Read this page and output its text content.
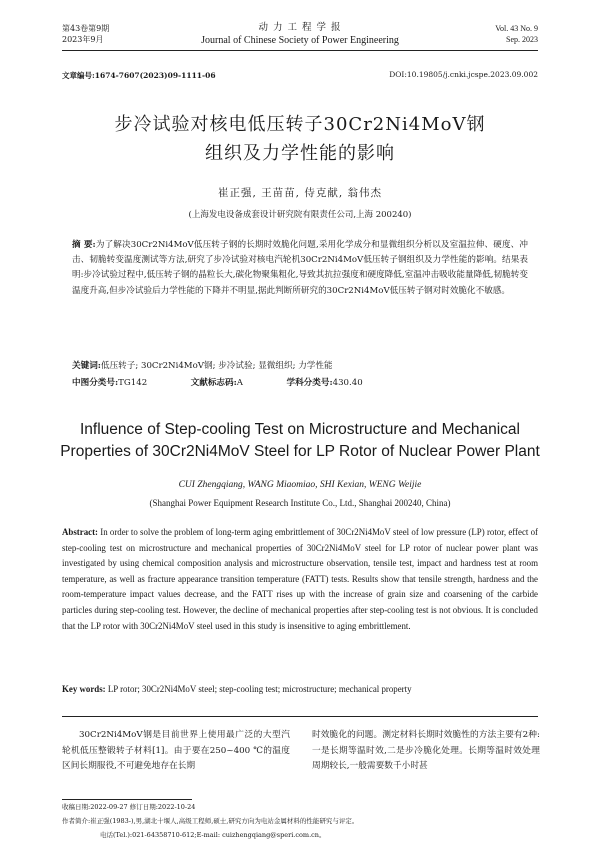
第43卷第9期
2023年9月
动 力 工 程 学 报
Journal of Chinese Society of Power Engineering
Vol. 43 No. 9
Sep. 2023
文章编号:1674-7607(2023)09-1111-06	DOI:10.19805/j.cnki.jcspe.2023.09.002
步冷试验对核电低压转子30Cr2Ni4MoV钢
组织及力学性能的影响
崔正强, 王苗苗, 侍克献, 翁伟杰
(上海发电设备成套设计研究院有限责任公司,上海 200240)
摘 要:为了解决30Cr2Ni4MoV低压转子钢的长期时效脆化问题,采用化学成分和显微组织分析以及室温拉伸、硬度、冲击、韧脆转变温度测试等方法,研究了步冷试验对核电汽轮机30Cr2Ni4MoV低压转子钢组织及力学性能的影响。结果表明:步冷试验过程中,低压转子钢的晶粒长大,碳化物聚集粗化,导致其抗拉强度和硬度降低,室温冲击吸收能量降低,韧脆转变温度升高,但步冷试验后力学性能的下降并不明显,据此判断所研究的30Cr2Ni4MoV低压转子钢对时效脆化不敏感。
关键词:低压转子; 30Cr2Ni4MoV钢; 步冷试验; 显微组织; 力学性能
中图分类号:TG142	文献标志码:A	学科分类号:430.40
Influence of Step-cooling Test on Microstructure and Mechanical
Properties of 30Cr2Ni4MoV Steel for LP Rotor of Nuclear Power Plant
CUI Zhengqiang, WANG Miaomiao, SHI Kexian, WENG Weijie
(Shanghai Power Equipment Research Institute Co., Ltd., Shanghai 200240, China)
Abstract: In order to solve the problem of long-term aging embrittlement of 30Cr2Ni4MoV steel of low pressure (LP) rotor, effect of step-cooling test on microstructure and mechanical properties of 30Cr2Ni4MoV steel for LP rotor of nuclear power plant was investigated by using chemical composition analysis and microstructure observation, tensile test, impact and hardness test at room temperature, as well as fracture appearance transition temperature (FATT) tests. Results show that tensile strength, hardness and the room-temperature impact values decrease, and the FATT rises up with the increase of grain size and coarsening of the carbide particles during step-cooling test. However, the decline of mechanical properties after step-cooling test is not obvious. It is concluded that the LP rotor with 30Cr2Ni4MoV steel used in this study is insensitive to aging embrittlement.
Key words: LP rotor; 30Cr2Ni4MoV steel; step-cooling test; microstructure; mechanical property
30Cr2Ni4MoV钢是目前世界上使用最广泛的大型汽轮机低压整锻转子材料[1]。由于要在250~400 ℃的温度区间长期服役,不可避免地存在长期
时效脆化的问题。测定材料长期时效脆性的方法主要有2种:一是长期等温时效,二是步冷脆化处理。长期等温时效处理周期较长,一般需要数千小时甚
收稿日期:2022-09-27 修订日期:2022-10-24
作者简介:崔正强(1983-),男,湖北十堰人,高级工程师,硕士,研究方向为电站金属材料的性能研究与评定。
电话(Tel.):021-64358710-612;E-mail: cuizhengqiang@speri.com.cn。
